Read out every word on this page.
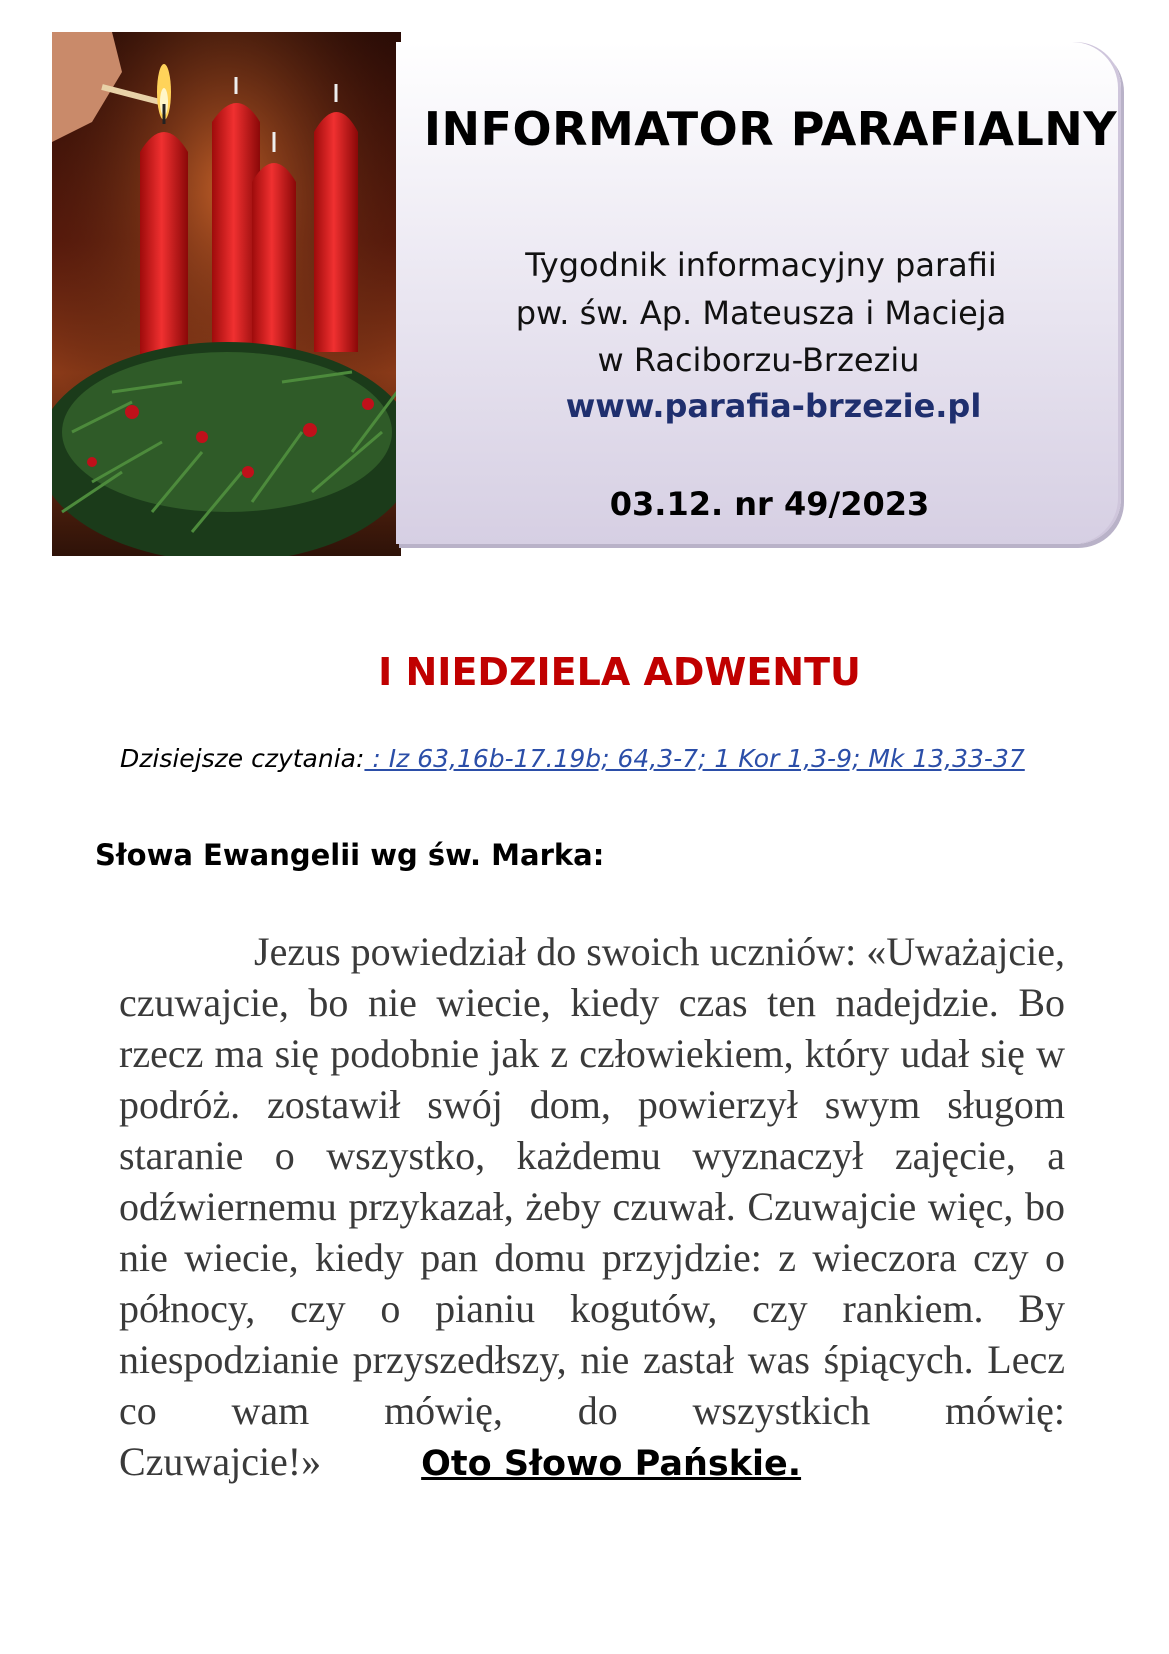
INFORMATOR PARAFIALNY
Tygodnik informacyjny parafii
pw. św. Ap. Mateusza i Macieja
w Raciborzu-Brzeziu
www.parafia-brzezie.pl
03.12. nr 49/2023
I NIEDZIELA ADWENTU
Dzisiejsze czytania: : Iz 63,16b-17.19b; 64,3-7; 1 Kor 1,3-9; Mk 13,33-37
Słowa Ewangelii wg św. Marka:
Jezus powiedział do swoich uczniów: «Uważajcie, czuwajcie, bo nie wiecie, kiedy czas ten nadejdzie. Bo rzecz ma się podobnie jak z człowiekiem, który udał się w podróż. zostawił swój dom, powierzył swym sługom staranie o wszystko, każdemu wyznaczył zajęcie, a odźwiernemu przykazał, żeby czuwał. Czuwajcie więc, bo nie wiecie, kiedy pan domu przyjdzie: z wieczora czy o północy, czy o pianiu kogutów, czy rankiem. By niespodzianie przyszedłszy, nie zastał was śpiących. Lecz co wam mówię, do wszystkich mówię: Czuwajcie!»	Oto Słowo Pańskie.
